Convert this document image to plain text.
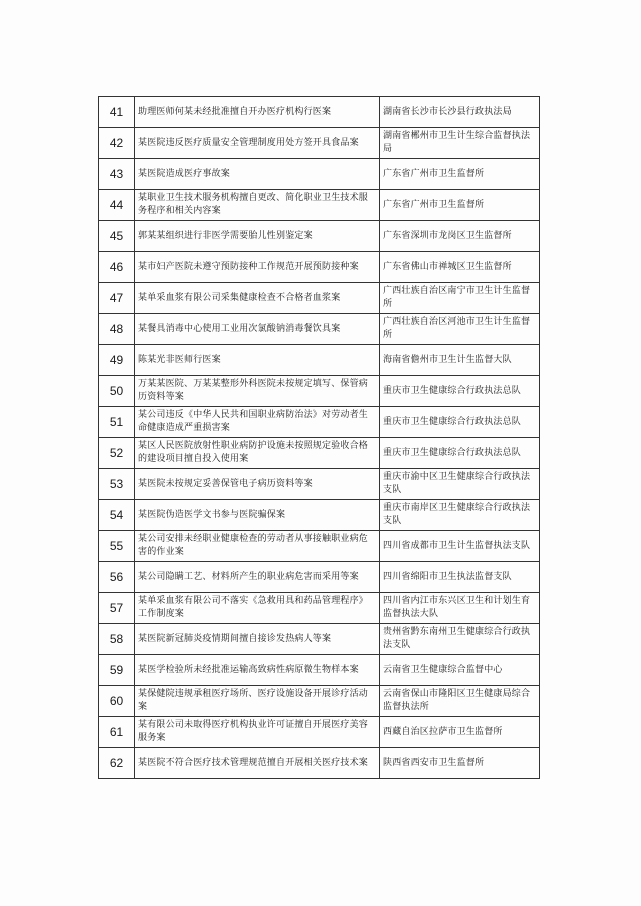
41	助理医师何某未经批准擅自开办医疗机构行医案	湖南省长沙市长沙县行政执法局

42	某医院违反医疗质量安全管理制度用处方签开具食品案	湖南省郴州市卫生计生综合监督执法局

43	某医院造成医疗事故案	广东省广州市卫生监督所

44	某职业卫生技术服务机构擅自更改、简化职业卫生技术服务程序和相关内容案	广东省广州市卫生监督所

45	郭某某组织进行非医学需要胎儿性别鉴定案	广东省深圳市龙岗区卫生监督所

46	某市妇产医院未遵守预防接种工作规范开展预防接种案	广东省佛山市禅城区卫生监督所

47	某单采血浆有限公司采集健康检查不合格者血浆案	广西壮族自治区南宁市卫生计生监督所

48	某餐具消毒中心使用工业用次氯酸钠消毒餐饮具案	广西壮族自治区河池市卫生计生监督所

49	陈某光非医师行医案	海南省儋州市卫生计生监督大队

50	万某某医院、万某某整形外科医院未按规定填写、保管病历资料等案	重庆市卫生健康综合行政执法总队

51	某公司违反《中华人民共和国职业病防治法》对劳动者生命健康造成严重损害案	重庆市卫生健康综合行政执法总队

52	某区人民医院放射性职业病防护设施未按照规定验收合格的建设项目擅自投入使用案	重庆市卫生健康综合行政执法总队

53	某医院未按规定妥善保管电子病历资料等案	重庆市渝中区卫生健康综合行政执法支队

54	某医院伪造医学文书参与医院骗保案	重庆市南岸区卫生健康综合行政执法支队

55	某公司安排未经职业健康检查的劳动者从事接触职业病危害的作业案	四川省成都市卫生计生监督执法支队

56	某公司隐瞒工艺、材料所产生的职业病危害而采用等案	四川省绵阳市卫生执法监督支队

57	某单采血浆有限公司不落实《急救用具和药品管理程序》工作制度案	四川省内江市东兴区卫生和计划生育监督执法大队

58	某医院新冠肺炎疫情期间擅自接诊发热病人等案	贵州省黔东南州卫生健康综合行政执法支队

59	某医学检验所未经批准运输高致病性病原微生物样本案	云南省卫生健康综合监督中心

60	某保健院违规承租医疗场所、医疗设施设备开展诊疗活动案	云南省保山市隆阳区卫生健康局综合监督执法所

61	某有限公司未取得医疗机构执业许可证擅自开展医疗美容服务案	西藏自治区拉萨市卫生监督所

62	某医院不符合医疗技术管理规范擅自开展相关医疗技术案	陕西省西安市卫生监督所
